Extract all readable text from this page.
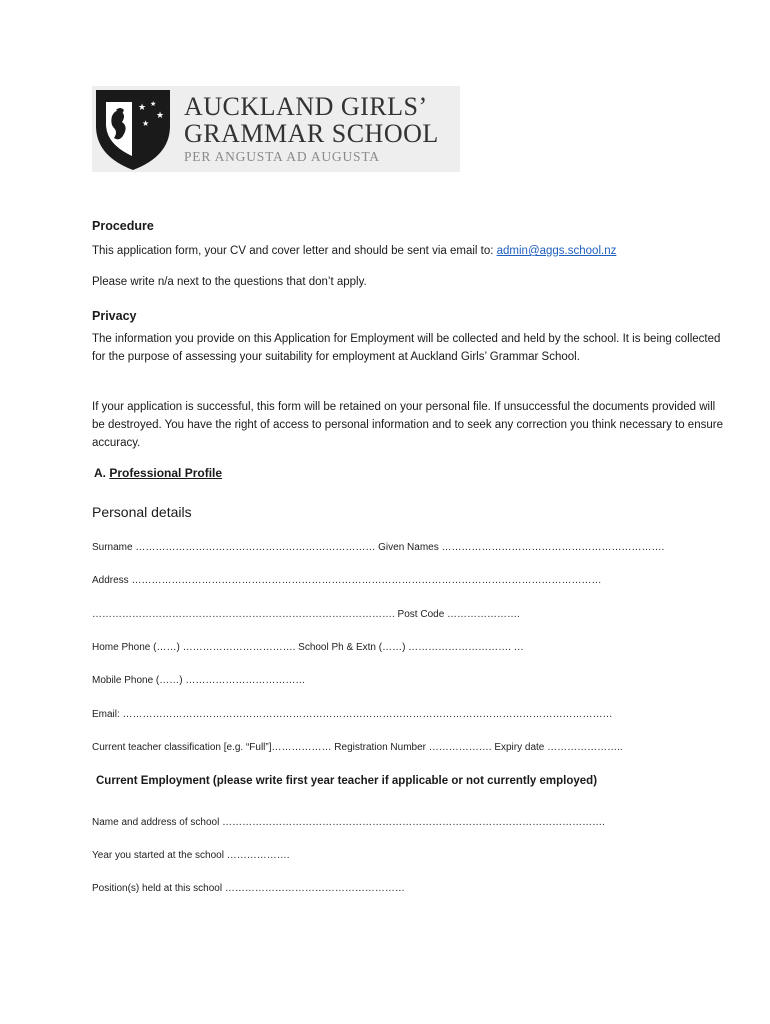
★ ★
★
★
AUCKLAND GIRLS’
GRAMMAR SCHOOL
PER ANGUSTA AD AUGUSTA

Procedure

This application form, your CV and cover letter and should be sent via email to: admin@aggs.school.nz

Please write n/a next to the questions that don’t apply.

Privacy

The information you provide on this Application for Employment will be collected and held by the school. It is being collected for the purpose of assessing your suitability for employment at Auckland Girls’ Grammar School.

If your application is successful, this form will be retained on your personal file. If unsuccessful the documents provided will be destroyed. You have the right of access to personal information and to seek any correction you think necessary to ensure accuracy.

A. Professional Profile

Personal details

Surname ……………………………………………………………… Given Names ………………………………………………………….

Address ……………………………………………………………………………………………………………………………

………………………………………………………………………………. Post Code ………………….

Home Phone (……) ……………………………. School Ph & Extn (……) …………………………. …

Mobile Phone (……) ………………………………

Email: …………………………………………………………………………………………………………………………………

Current teacher classification [e.g. “Full”]……………… Registration Number ………………. Expiry date …………………..

Current Employment (please write first year teacher if applicable or not currently employed)

Name and address of school …………………………………………………………………………………………………….

Year you started at the school ……………….

Position(s) held at this school ………………………………………………
